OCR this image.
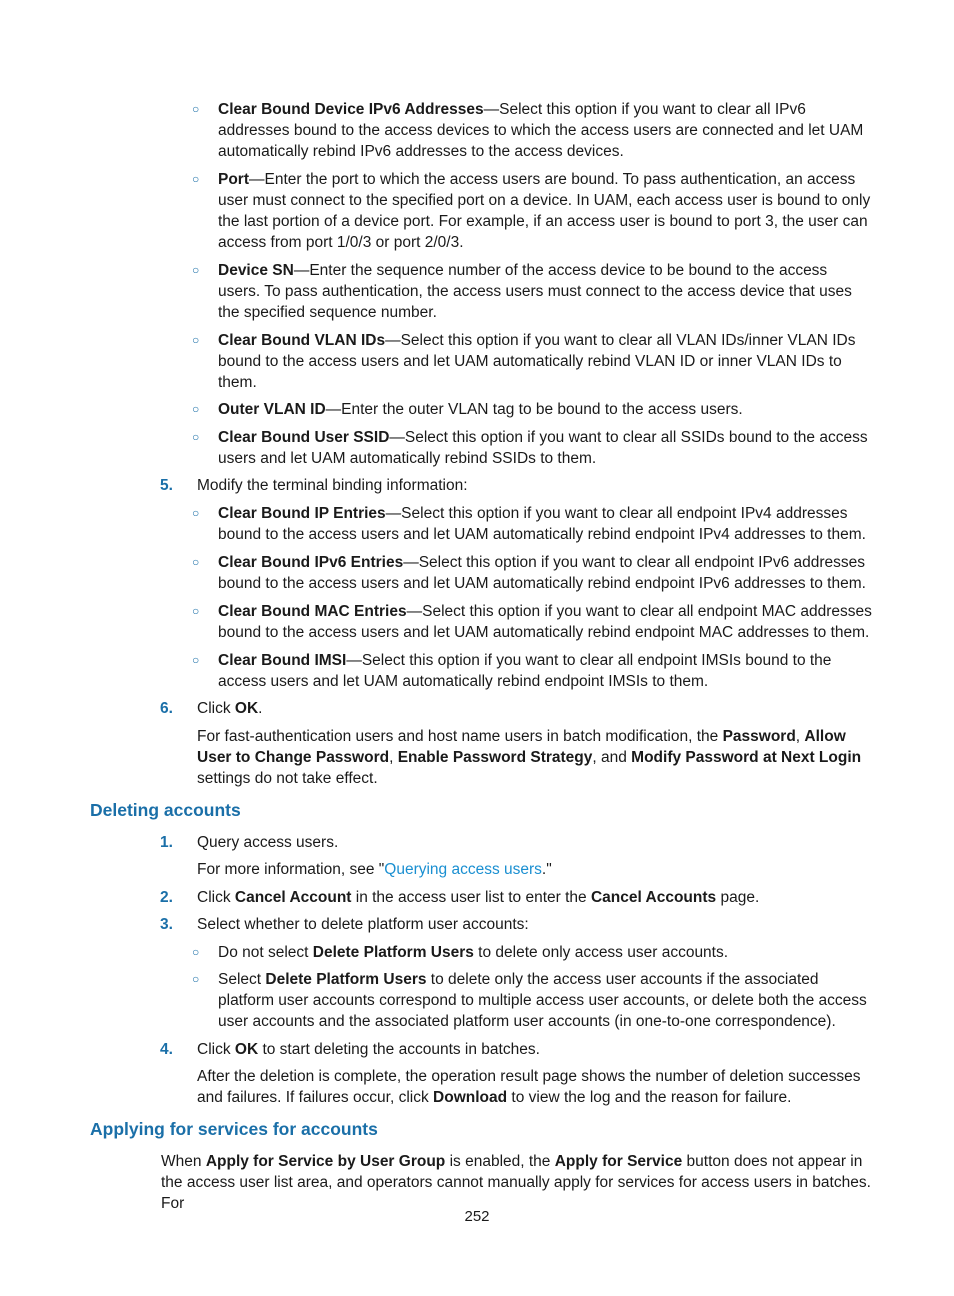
○ Clear Bound Device IPv6 Addresses—Select this option if you want to clear all IPv6 addresses bound to the access devices to which the access users are connected and let UAM automatically rebind IPv6 addresses to the access devices.
○ Port—Enter the port to which the access users are bound. To pass authentication, an access user must connect to the specified port on a device. In UAM, each access user is bound to only the last portion of a device port. For example, if an access user is bound to port 3, the user can access from port 1/0/3 or port 2/0/3.
○ Device SN—Enter the sequence number of the access device to be bound to the access users. To pass authentication, the access users must connect to the access device that uses the specified sequence number.
○ Clear Bound VLAN IDs—Select this option if you want to clear all VLAN IDs/inner VLAN IDs bound to the access users and let UAM automatically rebind VLAN ID or inner VLAN IDs to them.
○ Outer VLAN ID—Enter the outer VLAN tag to be bound to the access users.
○ Clear Bound User SSID—Select this option if you want to clear all SSIDs bound to the access users and let UAM automatically rebind SSIDs to them.
5. Modify the terminal binding information:
○ Clear Bound IP Entries—Select this option if you want to clear all endpoint IPv4 addresses bound to the access users and let UAM automatically rebind endpoint IPv4 addresses to them.
○ Clear Bound IPv6 Entries—Select this option if you want to clear all endpoint IPv6 addresses bound to the access users and let UAM automatically rebind endpoint IPv6 addresses to them.
○ Clear Bound MAC Entries—Select this option if you want to clear all endpoint MAC addresses bound to the access users and let UAM automatically rebind endpoint MAC addresses to them.
○ Clear Bound IMSI—Select this option if you want to clear all endpoint IMSIs bound to the access users and let UAM automatically rebind endpoint IMSIs to them.
6. Click OK.
For fast-authentication users and host name users in batch modification, the Password, Allow User to Change Password, Enable Password Strategy, and Modify Password at Next Login settings do not take effect.
Deleting accounts
1. Query access users.
For more information, see "Querying access users."
2. Click Cancel Account in the access user list to enter the Cancel Accounts page.
3. Select whether to delete platform user accounts:
○ Do not select Delete Platform Users to delete only access user accounts.
○ Select Delete Platform Users to delete only the access user accounts if the associated platform user accounts correspond to multiple access user accounts, or delete both the access user accounts and the associated platform user accounts (in one-to-one correspondence).
4. Click OK to start deleting the accounts in batches.
After the deletion is complete, the operation result page shows the number of deletion successes and failures. If failures occur, click Download to view the log and the reason for failure.
Applying for services for accounts
When Apply for Service by User Group is enabled, the Apply for Service button does not appear in the access user list area, and operators cannot manually apply for services for access users in batches. For
252
